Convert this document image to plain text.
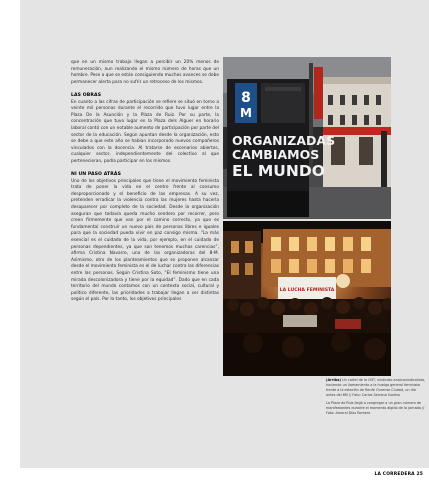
que en un mismo trabajo llegan a percibir un 20% menos de remuneración, aun realizando el mismo número de horas que un hombre. Pese a que se están consiguiendo muchos avances se debe permanecer alerta para no sufrir un retroceso de los mismos.

LAS OBRAS

En cuanto a las cifras de participación se refiere se situó en torno a veinte mil personas durante el recorrido que tuvo lugar entre la Plaza De la Asunción y la Plaza de Ruiz. Por su parte, la concentración que tuvo lugar en la Plaza dels Alguer en horario laboral contó con un notable aumento de participación por parte del sector de la educación. Según apuntan desde la organización, esto se debe a que este año se habían incorporado nuevos compañeros vinculados con la docencia. Al tratarse de escenarios abiertos, cualquier sector, independientemente del colectivo al que pertenecieran, podía participar en los mismos.

NI UN PASO ATRÁS

Uno de los objetivos principales que tiene el movimiento feminista trata de poner la vida en el centro frente al consumo desproporcionado y el beneficio de las empresas. A su vez, pretenden erradicar la violencia contra las mujeres hasta hacerla desaparecer por completo de la sociedad. Desde la organización aseguran que todavía queda mucho sendero por recorrer, pero creen firmemente que van por el camino correcto, ya que es fundamental construir un nuevo país de personas libres e iguales para que la sociedad pueda vivir en paz consigo misma. “La más esencial es el cuidado de la vida, por ejemplo, en el cuidado de personas dependientes, ya que son tenemos muchas carencias”, afirma Cristina Navarro, una de las organizadoras del 8-M. Asimismo, otro de los planteamientos que se proponen alcanzar desde el movimiento feminista es el de luchar contra las diferencias entre las personas. Según Cristina Soto, “El feminismo tiene una mirada descolonizadora y tiene por la equidad”. Dado que en cada territorio del mundo contamos con un contexto social, cultural y político diferente, las prioridades a trabajar llegan a ser distintas según el país. Por lo tanto, los objetivos principales

8
M
ORGANIZADAS
CAMBIAMOS
EL MUNDO
LA LUCHA FEMINISTA

(Arriba) Un cartel de la CNT, sindicato anarcosindicalista, haciendo un llamamiento a la huelga general feminista frente a la estación de Renfe Ourense Ciudad, un día antes del 8M // Foto: Carlos Serrano Godino

La Plaza de Ruiz llegó a congregar a un gran número de manifestantes durante el momento álgido de la jornada // Foto: Amaral Díaz Romero

LA CORREDERA 25
